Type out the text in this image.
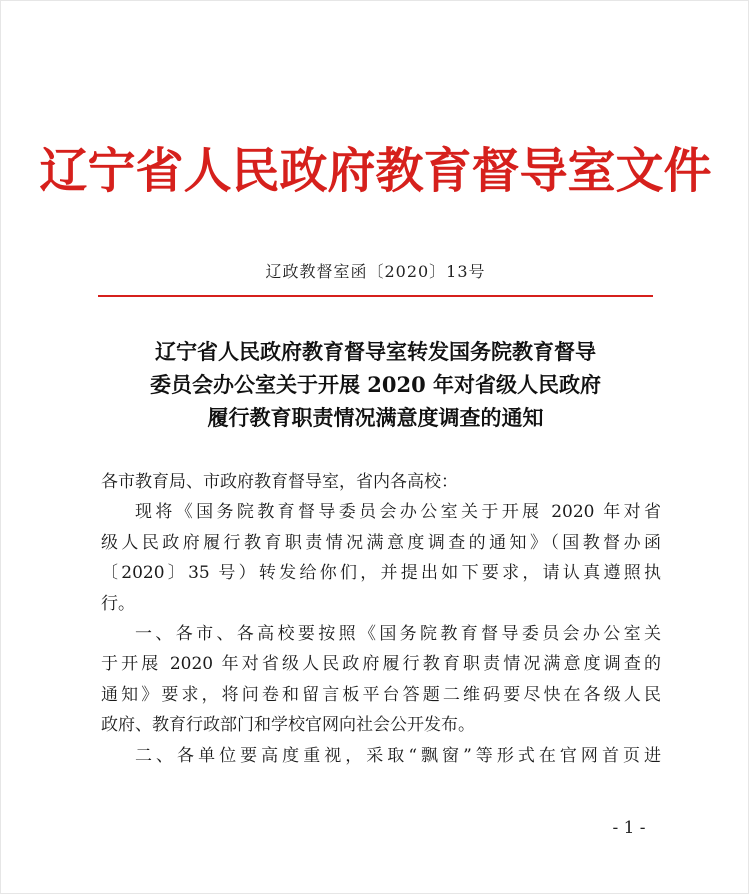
辽宁省人民政府教育督导室文件
辽政教督室函〔2020〕13号
辽宁省人民政府教育督导室转发国务院教育督导
委员会办公室关于开展 2020 年对省级人民政府
履行教育职责情况满意度调查的通知
各市教育局、市政府教育督导室，省内各高校：
现将《国务院教育督导委员会办公室关于开展 2020 年对省
级人民政府履行教育职责情况满意度调查的通知》（国教督办函
〔2020〕35 号）转发给你们，并提出如下要求，请认真遵照执
行。
一、各市、各高校要按照《国务院教育督导委员会办公室关
于开展 2020 年对省级人民政府履行教育职责情况满意度调查的
通知》要求，将问卷和留言板平台答题二维码要尽快在各级人民
政府、教育行政部门和学校官网向社会公开发布。
二、各单位要高度重视，采取“飘窗”等形式在官网首页进
- 1 -
